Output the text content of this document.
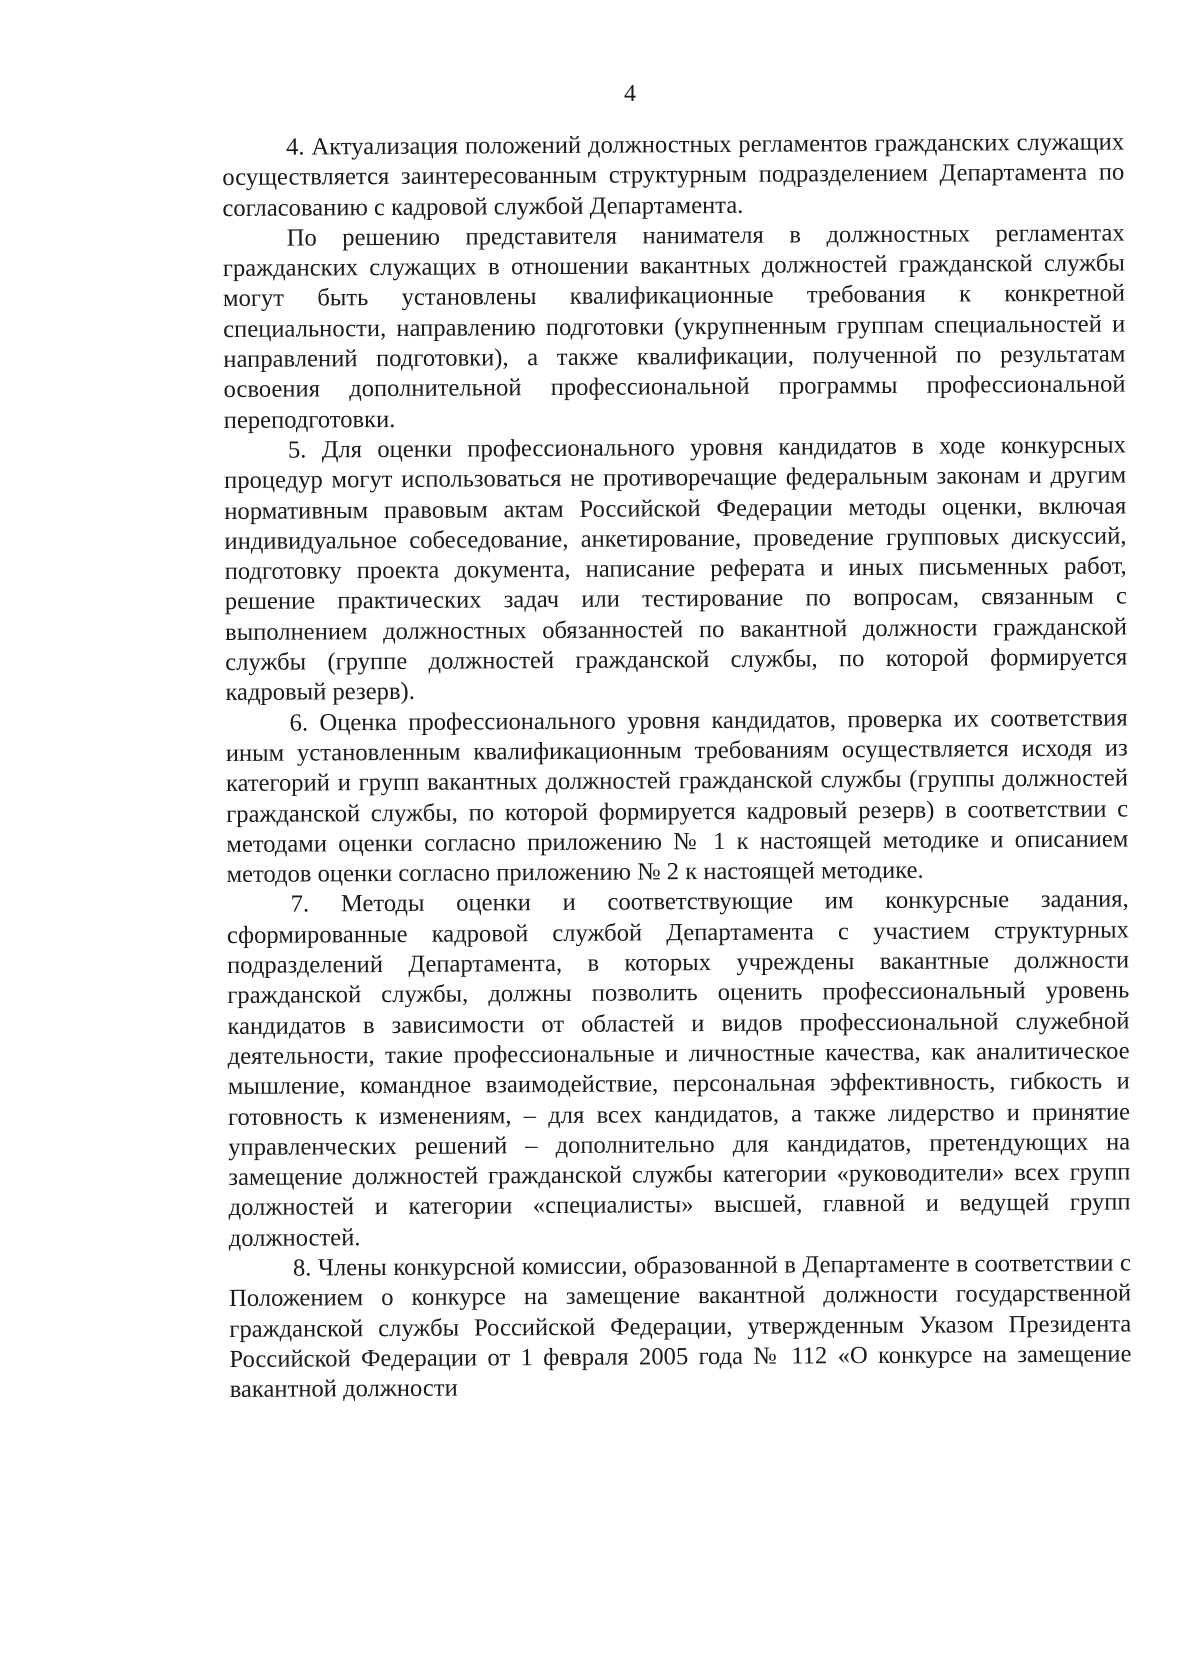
4

4. Актуализация положений должностных регламентов гражданских служащих осуществляется заинтересованным структурным подразделением Департамента по согласованию с кадровой службой Департамента.

По решению представителя нанимателя в должностных регламентах гражданских служащих в отношении вакантных должностей гражданской службы могут быть установлены квалификационные требования к конкретной специальности, направлению подготовки (укрупненным группам специальностей и направлений подготовки), а также квалификации, полученной по результатам освоения дополнительной профессиональной программы профессиональной переподготовки.

5. Для оценки профессионального уровня кандидатов в ходе конкурсных процедур могут использоваться не противоречащие федеральным законам и другим нормативным правовым актам Российской Федерации методы оценки, включая индивидуальное собеседование, анкетирование, проведение групповых дискуссий, подготовку проекта документа, написание реферата и иных письменных работ, решение практических задач или тестирование по вопросам, связанным с выполнением должностных обязанностей по вакантной должности гражданской службы (группе должностей гражданской службы, по которой формируется кадровый резерв).

6. Оценка профессионального уровня кандидатов, проверка их соответствия иным установленным квалификационным требованиям осуществляется исходя из категорий и групп вакантных должностей гражданской службы (группы должностей гражданской службы, по которой формируется кадровый резерв) в соответствии с методами оценки согласно приложению № 1 к настоящей методике и описанием методов оценки согласно приложению № 2 к настоящей методике.

7. Методы оценки и соответствующие им конкурсные задания, сформированные кадровой службой Департамента с участием структурных подразделений Департамента, в которых учреждены вакантные должности гражданской службы, должны позволить оценить профессиональный уровень кандидатов в зависимости от областей и видов профессиональной служебной деятельности, такие профессиональные и личностные качества, как аналитическое мышление, командное взаимодействие, персональная эффективность, гибкость и готовность к изменениям, – для всех кандидатов, а также лидерство и принятие управленческих решений – дополнительно для кандидатов, претендующих на замещение должностей гражданской службы категории «руководители» всех групп должностей и категории «специалисты» высшей, главной и ведущей групп должностей.

8. Члены конкурсной комиссии, образованной в Департаменте в соответствии с Положением о конкурсе на замещение вакантной должности государственной гражданской службы Российской Федерации, утвержденным Указом Президента Российской Федерации от 1 февраля 2005 года № 112 «О конкурсе на замещение вакантной должности
